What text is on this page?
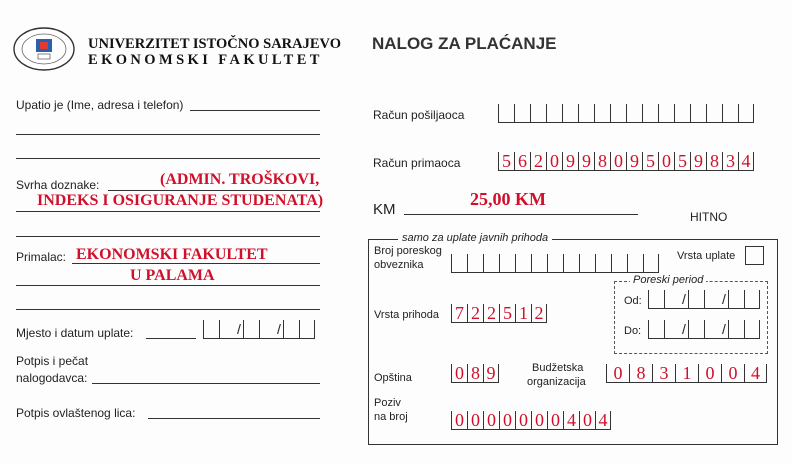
UNIVERZITET ISTOČNO SARAJEVO
EKONOMSKI FAKULTET
NALOG ZA PLAĆANJE
Upatio je (Ime, adresa i telefon)
Svrha doznake:	(ADMIN. TROŠKOVI,
INDEKS I OSIGURANJE STUDENATA)
Primalac: EKONOMSKI FAKULTET
U PALAMA
Mjesto i datum uplate:	/	/
Potpis i pečat
nalogodavca:
Potpis ovlaštenog lica:
Račun pošiljaoca
Račun primaoca 5 6 2 0 9 9 8 0 9 5 0 5 9 8 3 4
KM
25,00 KM
HITNO
samo za uplate javnih prihoda
Broj poreskog
obveznika
Vrsta uplate
Poreski period
Od:	/	/
Do:	/	/
Vrsta prihoda 7 2 2 5 1 2
Opština 0 8 9	Budžetska
organizacija	0 8 3 1 0 0 4
Poziv
na broj	0 0 0 0 0 0 0 4 0 4
